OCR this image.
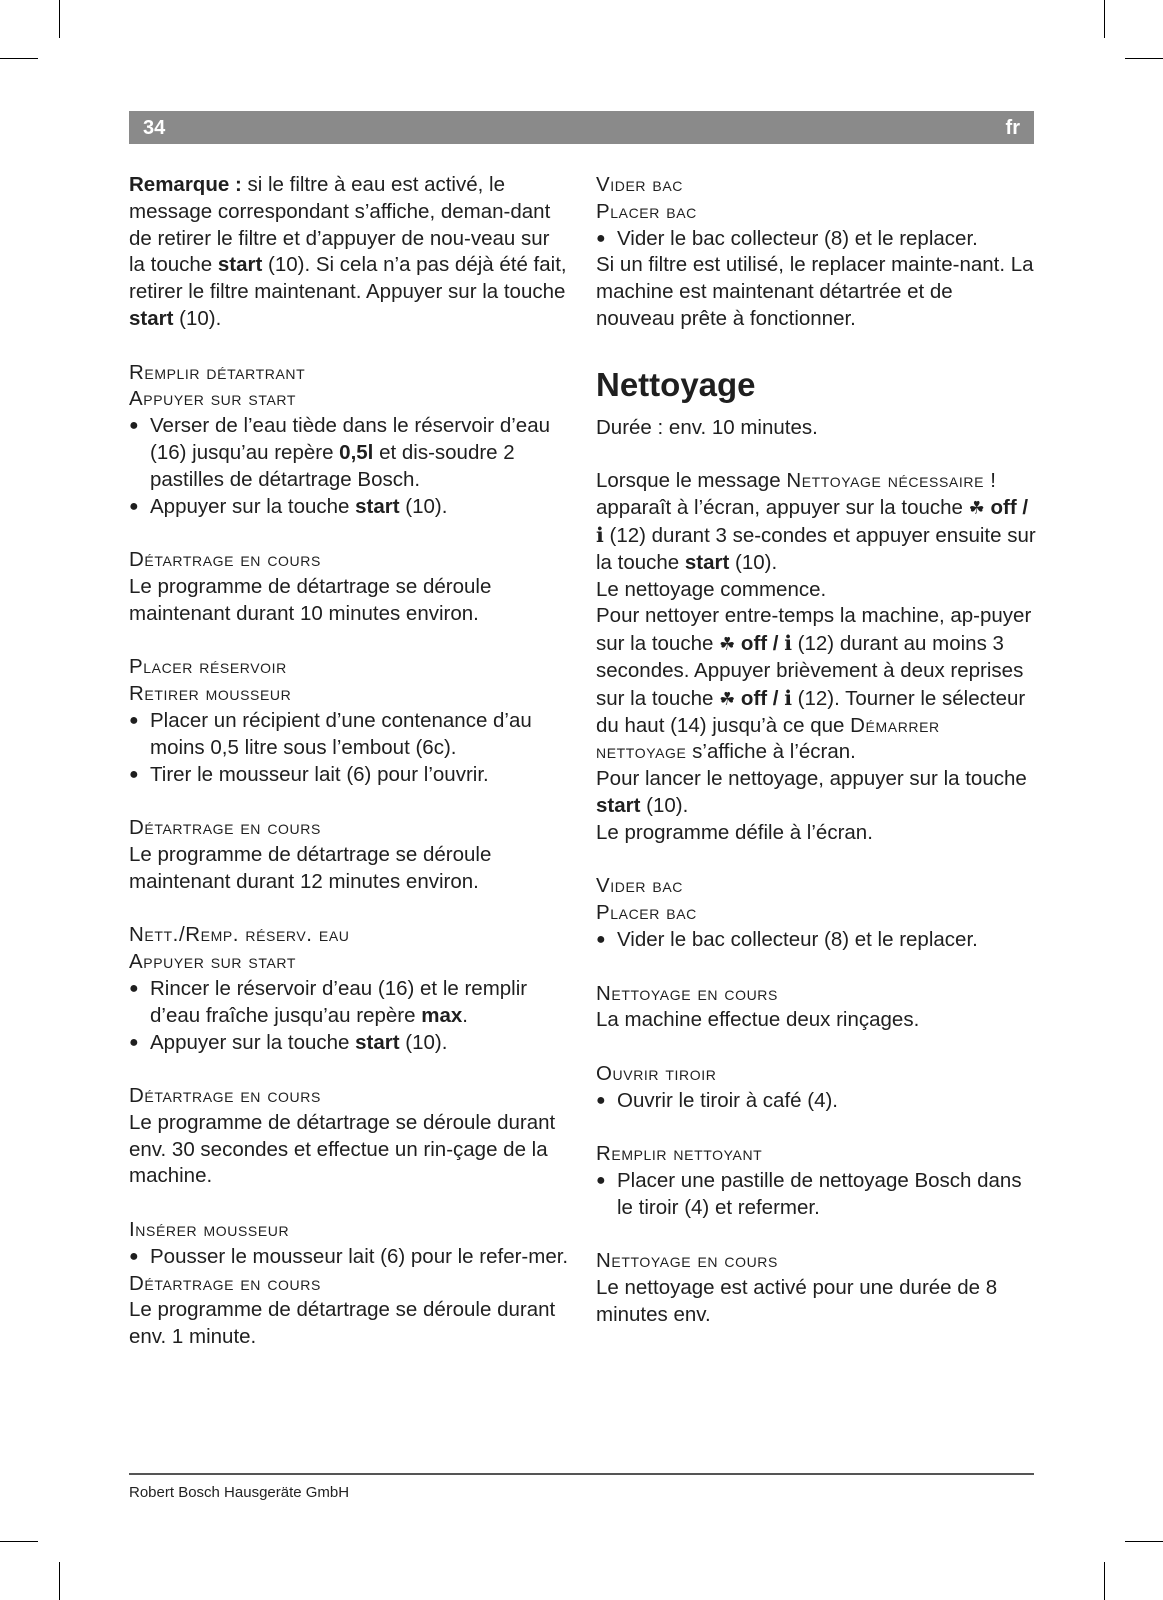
34	fr

Remarque : si le filtre à eau est activé, le message correspondant s’affiche, deman-dant de retirer le filtre et d’appuyer de nou-veau sur la touche start (10). Si cela n’a pas déjà été fait, retirer le filtre maintenant. Appuyer sur la touche start (10).

Remplir détartrant

Appuyer sur start

● Verser de l’eau tiède dans le réservoir d’eau (16) jusqu’au repère 0,5l et dis-soudre 2 pastilles de détartrage Bosch.

● Appuyer sur la touche start (10).

Détartrage en cours

Le programme de détartrage se déroule maintenant durant 10 minutes environ.

Placer réservoir

Retirer mousseur

● Placer un récipient d’une contenance d’au moins 0,5 litre sous l’embout (6c).

● Tirer le mousseur lait (6) pour l’ouvrir.

Détartrage en cours

Le programme de détartrage se déroule maintenant durant 12 minutes environ.

Nett./Remp. réserv. eau

Appuyer sur start

● Rincer le réservoir d’eau (16) et le remplir d’eau fraîche jusqu’au repère max.

● Appuyer sur la touche start (10).

Détartrage en cours

Le programme de détartrage se déroule durant env. 30 secondes et effectue un rin-çage de la machine.

Insérer mousseur

● Pousser le mousseur lait (6) pour le refer-mer.

Détartrage en cours

Le programme de détartrage se déroule durant env. 1 minute.

Vider bac

Placer bac

● Vider le bac collecteur (8) et le replacer.

Si un filtre est utilisé, le replacer mainte-nant. La machine est maintenant détartrée et de nouveau prête à fonctionner.

Nettoyage

Durée : env. 10 minutes.

Lorsque le message Nettoyage nécessaire ! apparaît à l’écran, appuyer sur la touche ☘ off / i (12) durant 3 se-condes et appuyer ensuite sur la touche start (10).

Le nettoyage commence.

Pour nettoyer entre-temps la machine, ap-puyer sur la touche ☘ off / i (12) durant au moins 3 secondes. Appuyer brièvement à deux reprises sur la touche ☘ off / i (12). Tourner le sélecteur du haut (14) jusqu’à ce que Démarrer nettoyage s’affiche à l’écran.

Pour lancer le nettoyage, appuyer sur la touche start (10).

Le programme défile à l’écran.

Vider bac

Placer bac

● Vider le bac collecteur (8) et le replacer.

Nettoyage en cours

La machine effectue deux rinçages.

Ouvrir tiroir

● Ouvrir le tiroir à café (4).

Remplir nettoyant

● Placer une pastille de nettoyage Bosch dans le tiroir (4) et refermer.

Nettoyage en cours

Le nettoyage est activé pour une durée de 8 minutes env.

Robert Bosch Hausgeräte GmbH
